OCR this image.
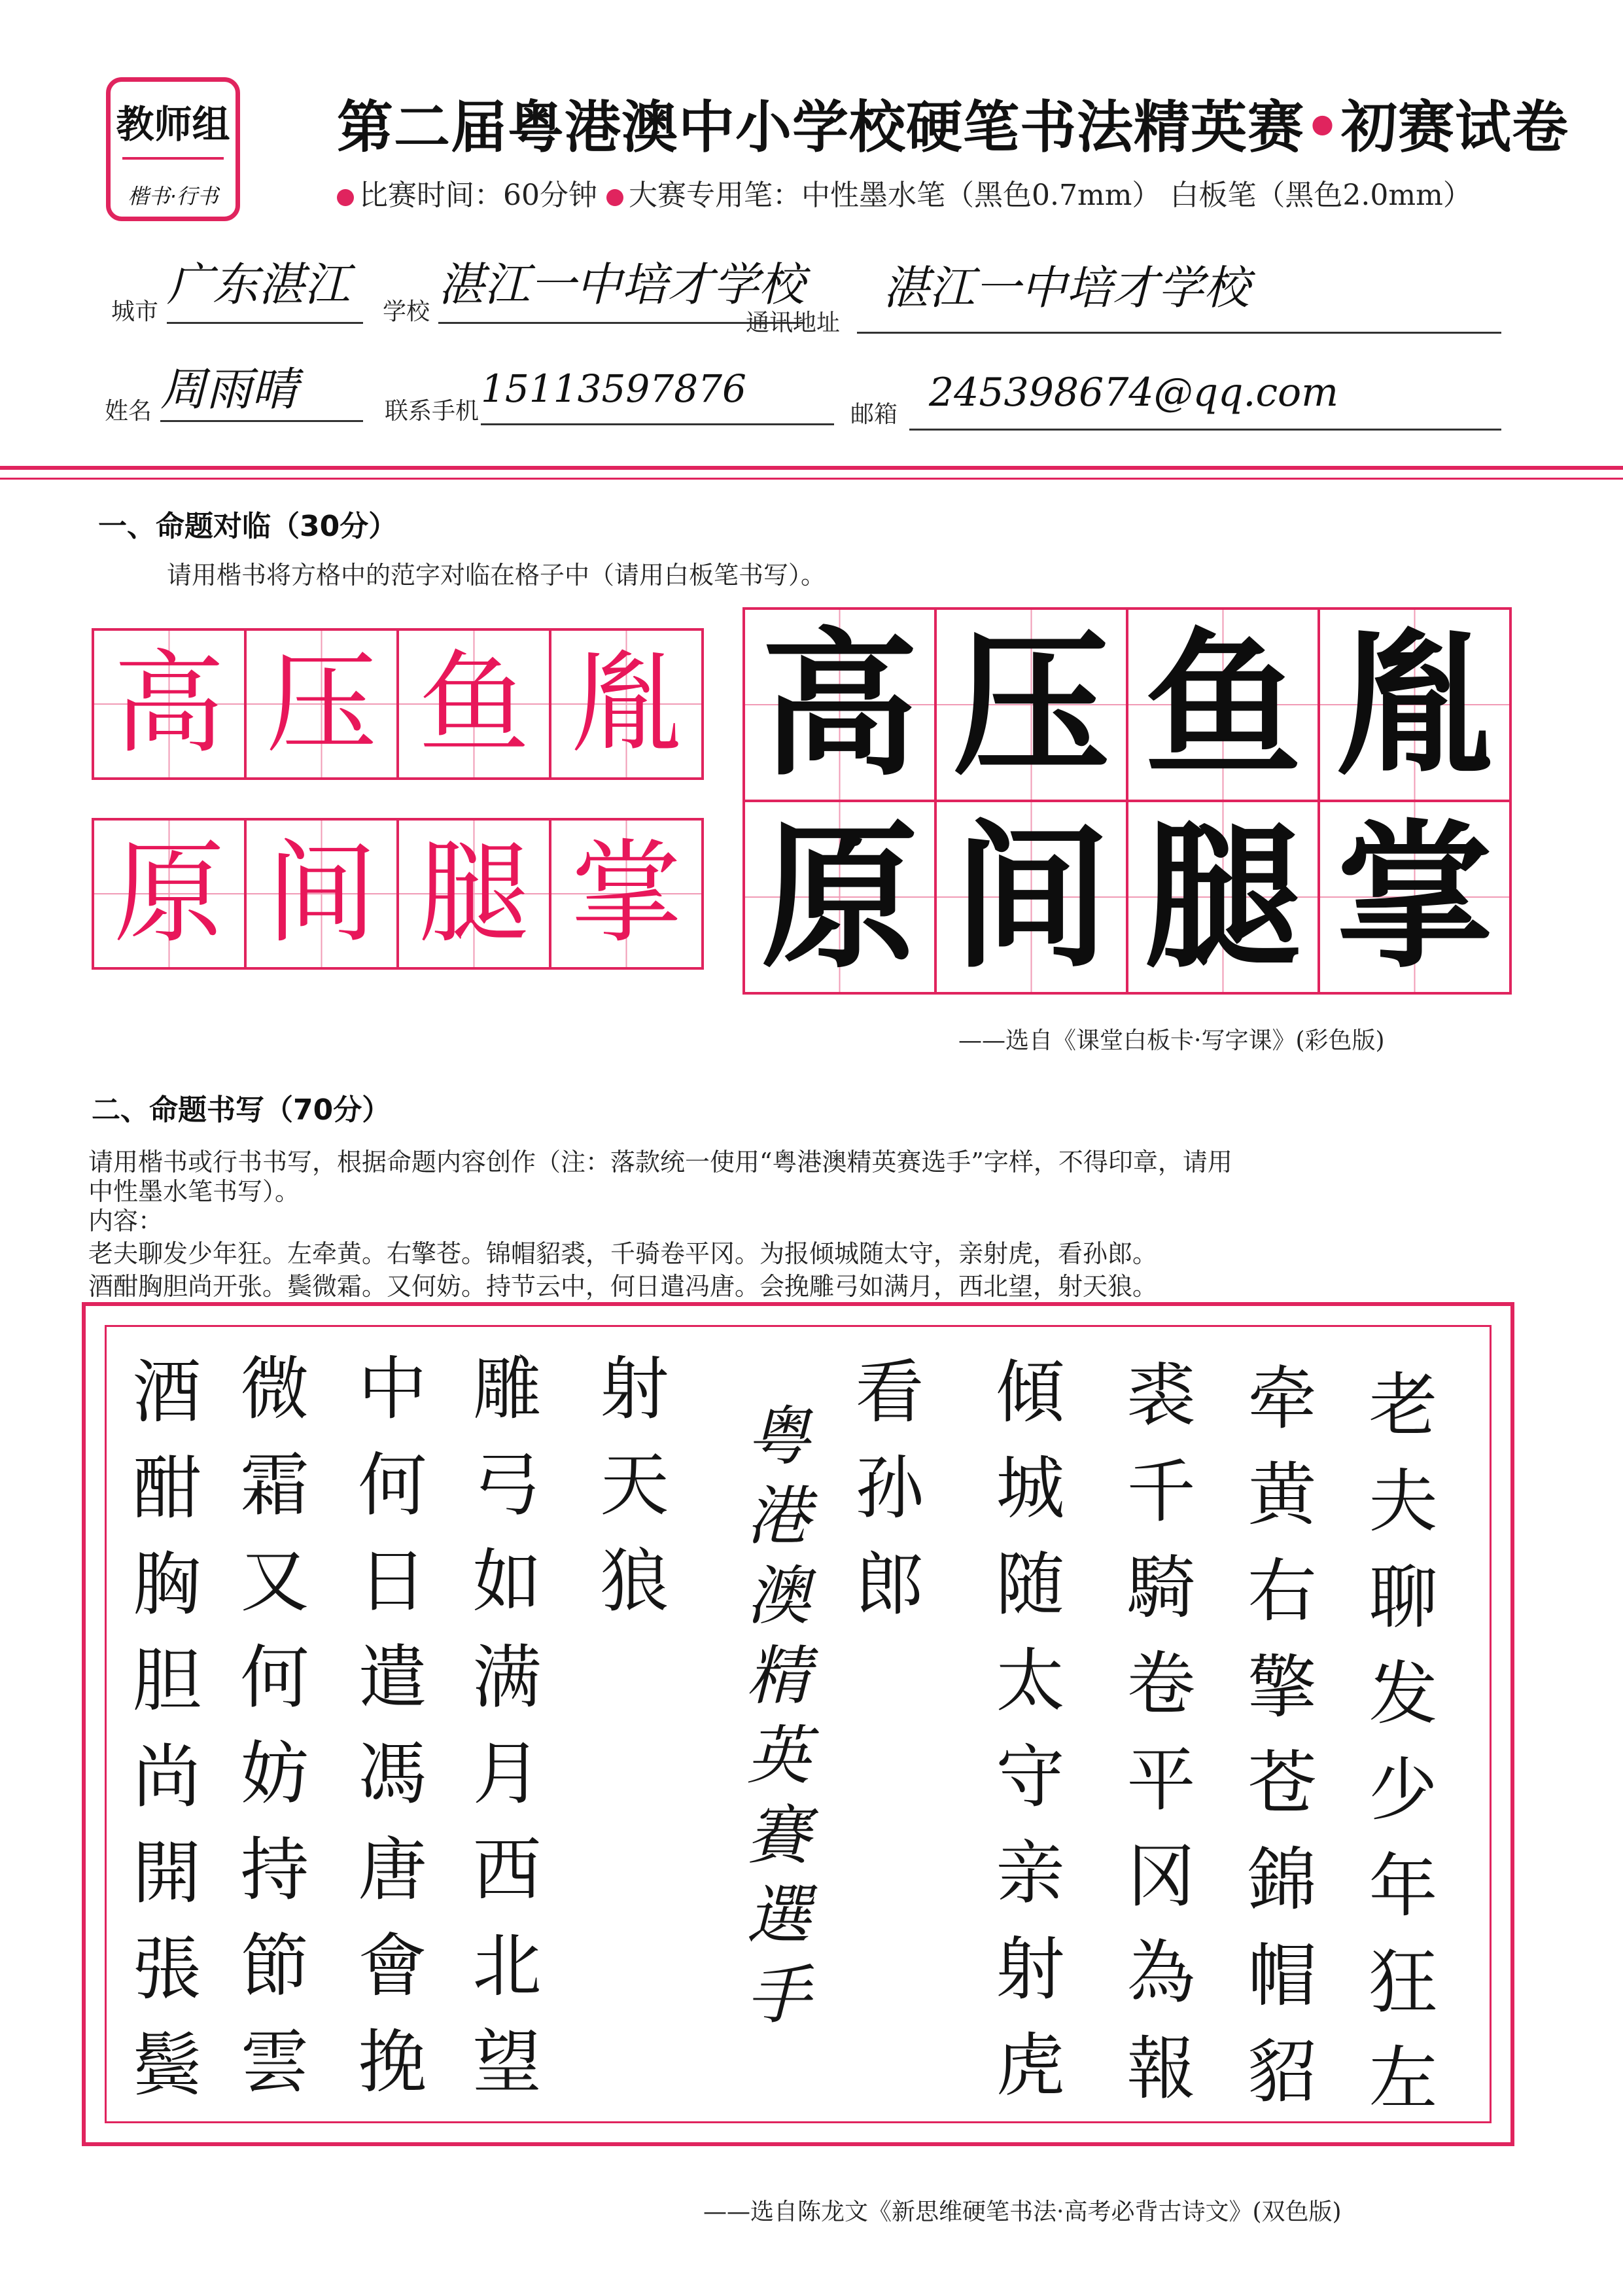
教师组
楷书·行书
第二届粤港澳中小学校硬笔书法精英赛•初赛试卷
比赛时间：60分钟 大赛专用笔：中性墨水笔（黑色0.7mm） 白板笔（黑色2.0mm）
城市
广东湛江
学校
湛江一中培才学校
通讯地址
湛江一中培才学校
姓名 周雨晴	联系手机
15113597876
邮箱 245398674@qq.com
一、命题对临（30分）
请用楷书将方格中的范字对临在格子中（请用白板笔书写）。
高 压 鱼 胤
原 间 腿 掌
高 压 鱼 胤
原 间 腿 掌
——选自《课堂白板卡·写字课》(彩色版)
二、命题书写（70分）
请用楷书或行书书写，根据命题内容创作（注：落款统一使用“粤港澳精英赛选手”字样，不得印章，请用
中性墨水笔书写）。
内容：
老夫聊发少年狂。左牵黄。右擎苍。锦帽貂裘，千骑卷平冈。为报倾城随太守，亲射虎，看孙郎。
酒酣胸胆尚开张。鬓微霜。又何妨。持节云中，何日遣冯唐。会挽雕弓如满月，西北望，射天狼。
老
夫
聊
发
少
年
狂
左
牵
黄
右
擎
苍
錦
帽
貂
裘
千
騎
卷
平
冈
為
報
傾
城
随
太
守
亲
射
虎
看
孙
郎
粤
港
澳
精
英
賽
選
手
射
天
狼
雕
弓
如
满
月
西
北
望
中
何
日
遣
馮
唐
會
挽
微
霜
又
何
妨
持
節
雲
酒
酣
胸
胆
尚
開
張
鬓
——选自陈龙文《新思维硬笔书法·高考必背古诗文》(双色版)
